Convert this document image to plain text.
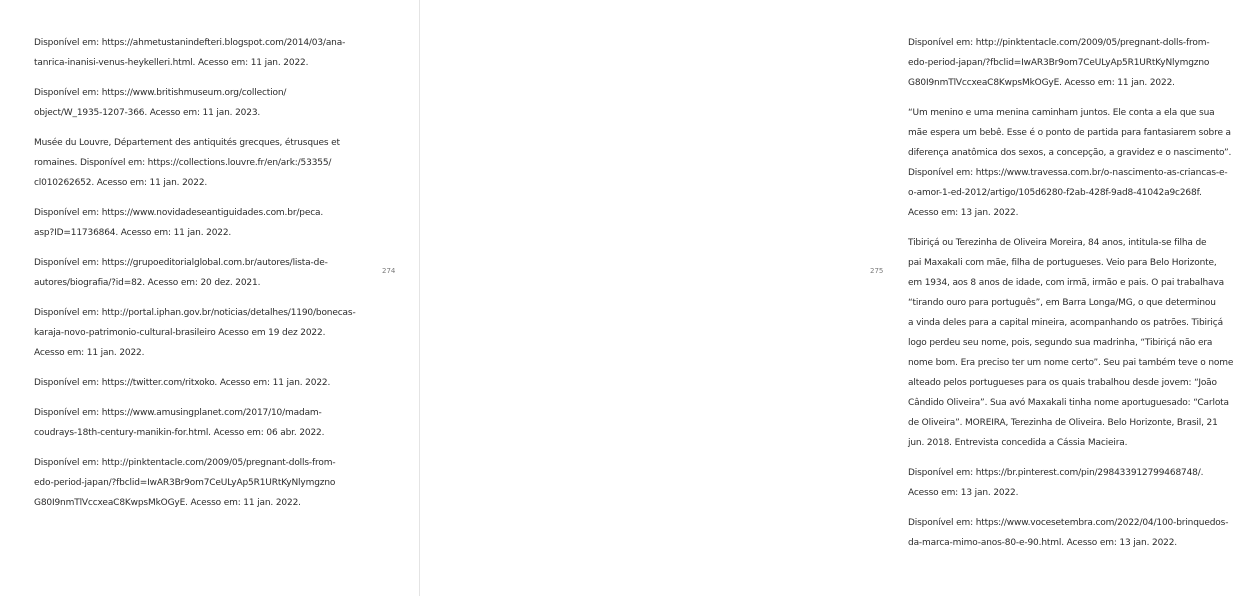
Disponível em: https://ahmetustanindefteri.blogspot.com/2014/03/ana-
tanrica-inanisi-venus-heykelleri.html. Acesso em: 11 jan. 2022.

Disponível em: https://www.britishmuseum.org/collection/
object/W_1935-1207-366. Acesso em: 11 jan. 2023.

Musée du Louvre, Département des antiquités grecques, étrusques et
romaines. Disponível em: https://collections.louvre.fr/en/ark:/53355/
cl010262652. Acesso em: 11 jan. 2022.

Disponível em: https://www.novidadeseantiguidades.com.br/peca.
asp?ID=11736864. Acesso em: 11 jan. 2022.

Disponível em: https://grupoeditorialglobal.com.br/autores/lista-de-
autores/biografia/?id=82. Acesso em: 20 dez. 2021.

Disponível em: http://portal.iphan.gov.br/noticias/detalhes/1190/bonecas-
karaja-novo-patrimonio-cultural-brasileiro Acesso em 19 dez 2022.
Acesso em: 11 jan. 2022.

Disponível em: https://twitter.com/ritxoko. Acesso em: 11 jan. 2022.

Disponível em: https://www.amusingplanet.com/2017/10/madam-
coudrays-18th-century-manikin-for.html. Acesso em: 06 abr. 2022.

Disponível em: http://pinktentacle.com/2009/05/pregnant-dolls-from-
edo-period-japan/?fbclid=IwAR3Br9om7CeULyAp5R1URtKyNlymgzno
G80I9nmTlVccxeaC8KwpsMkOGyE. Acesso em: 11 jan. 2022.

274	275

Disponível em: http://pinktentacle.com/2009/05/pregnant-dolls-from-
edo-period-japan/?fbclid=IwAR3Br9om7CeULyAp5R1URtKyNlymgzno
G80I9nmTlVccxeaC8KwpsMkOGyE. Acesso em: 11 jan. 2022.

“Um menino e uma menina caminham juntos. Ele conta a ela que sua
mãe espera um bebê. Esse é o ponto de partida para fantasiarem sobre a
diferença anatômica dos sexos, a concepção, a gravidez e o nascimento”.
Disponível em: https://www.travessa.com.br/o-nascimento-as-criancas-e-
o-amor-1-ed-2012/artigo/105d6280-f2ab-428f-9ad8-41042a9c268f.
Acesso em: 13 jan. 2022.

Tibiriçá ou Terezinha de Oliveira Moreira, 84 anos, intitula-se filha de
pai Maxakali com mãe, filha de portugueses. Veio para Belo Horizonte,
em 1934, aos 8 anos de idade, com irmã, irmão e pais. O pai trabalhava
“tirando ouro para português”, em Barra Longa/MG, o que determinou
a vinda deles para a capital mineira, acompanhando os patrões. Tibiriçá
logo perdeu seu nome, pois, segundo sua madrinha, “Tibiriçá não era
nome bom. Era preciso ter um nome certo”. Seu pai também teve o nome
alteado pelos portugueses para os quais trabalhou desde jovem: “João
Cândido Oliveira”. Sua avó Maxakali tinha nome aportuguesado: “Carlota
de Oliveira”. MOREIRA, Terezinha de Oliveira. Belo Horizonte, Brasil, 21
jun. 2018. Entrevista concedida a Cássia Macieira.

Disponível em: https://br.pinterest.com/pin/298433912799468748/.
Acesso em: 13 jan. 2022.

Disponível em: https://www.vocesetembra.com/2022/04/100-brinquedos-
da-marca-mimo-anos-80-e-90.html. Acesso em: 13 jan. 2022.
